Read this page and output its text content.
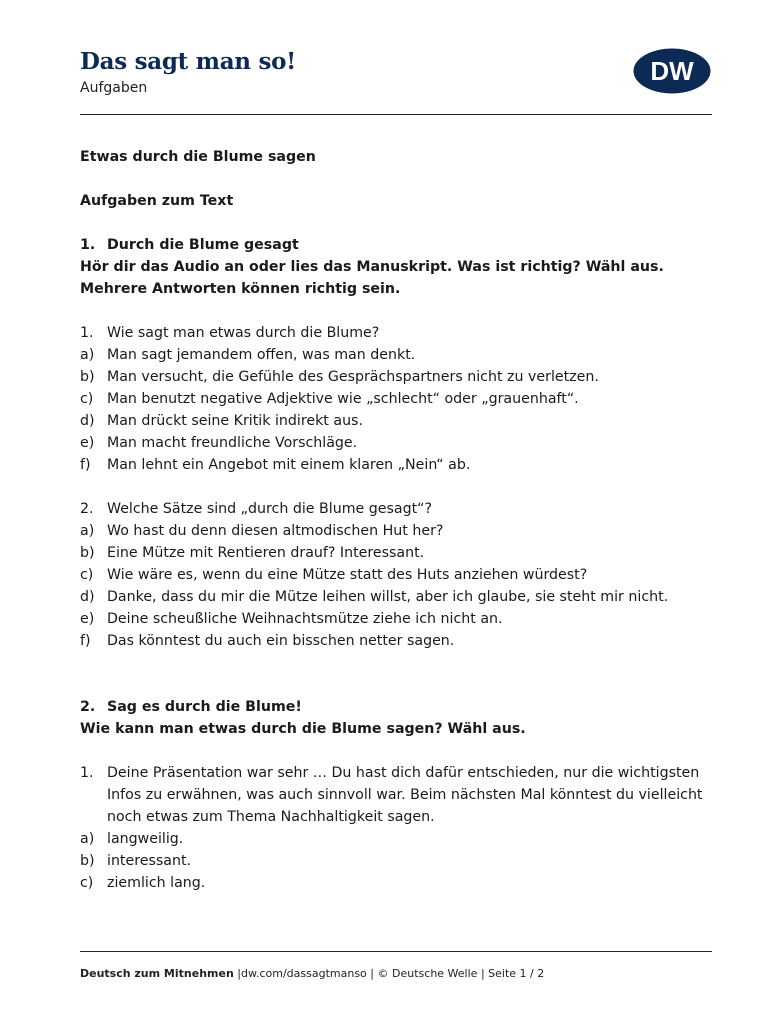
Das sagt man so!
Aufgaben
DW

Etwas durch die Blume sagen

Aufgaben zum Text

1. Durch die Blume gesagt

Hör dir das Audio an oder lies das Manuskript. Was ist richtig? Wähl aus. Mehrere Antworten können richtig sein.

1. Wie sagt man etwas durch die Blume?
a) Man sagt jemandem offen, was man denkt.
b) Man versucht, die Gefühle des Gesprächspartners nicht zu verletzen.
c) Man benutzt negative Adjektive wie „schlecht“ oder „grauenhaft“.
d) Man drückt seine Kritik indirekt aus.
e) Man macht freundliche Vorschläge.
f)	Man lehnt ein Angebot mit einem klaren „Nein“ ab.
2. Welche Sätze sind „durch die Blume gesagt“?
a) Wo hast du denn diesen altmodischen Hut her?
b) Eine Mütze mit Rentieren drauf? Interessant.
c) Wie wäre es, wenn du eine Mütze statt des Huts anziehen würdest?
d) Danke, dass du mir die Mütze leihen willst, aber ich glaube, sie steht mir nicht.
e) Deine scheußliche Weihnachtsmütze ziehe ich nicht an.
f)	Das könntest du auch ein bisschen netter sagen.
2. Sag es durch die Blume!

Wie kann man etwas durch die Blume sagen? Wähl aus.

1. Deine Präsentation war sehr … Du hast dich dafür entschieden, nur die wichtigsten Infos zu erwähnen, was auch sinnvoll war. Beim nächsten Mal könntest du vielleicht noch etwas zum Thema Nachhaltigkeit sagen.
a) langweilig.
b) interessant.
c) ziemlich lang.
Deutsch zum Mitnehmen |dw.com/dassagtmanso | © Deutsche Welle | Seite 1 / 2
